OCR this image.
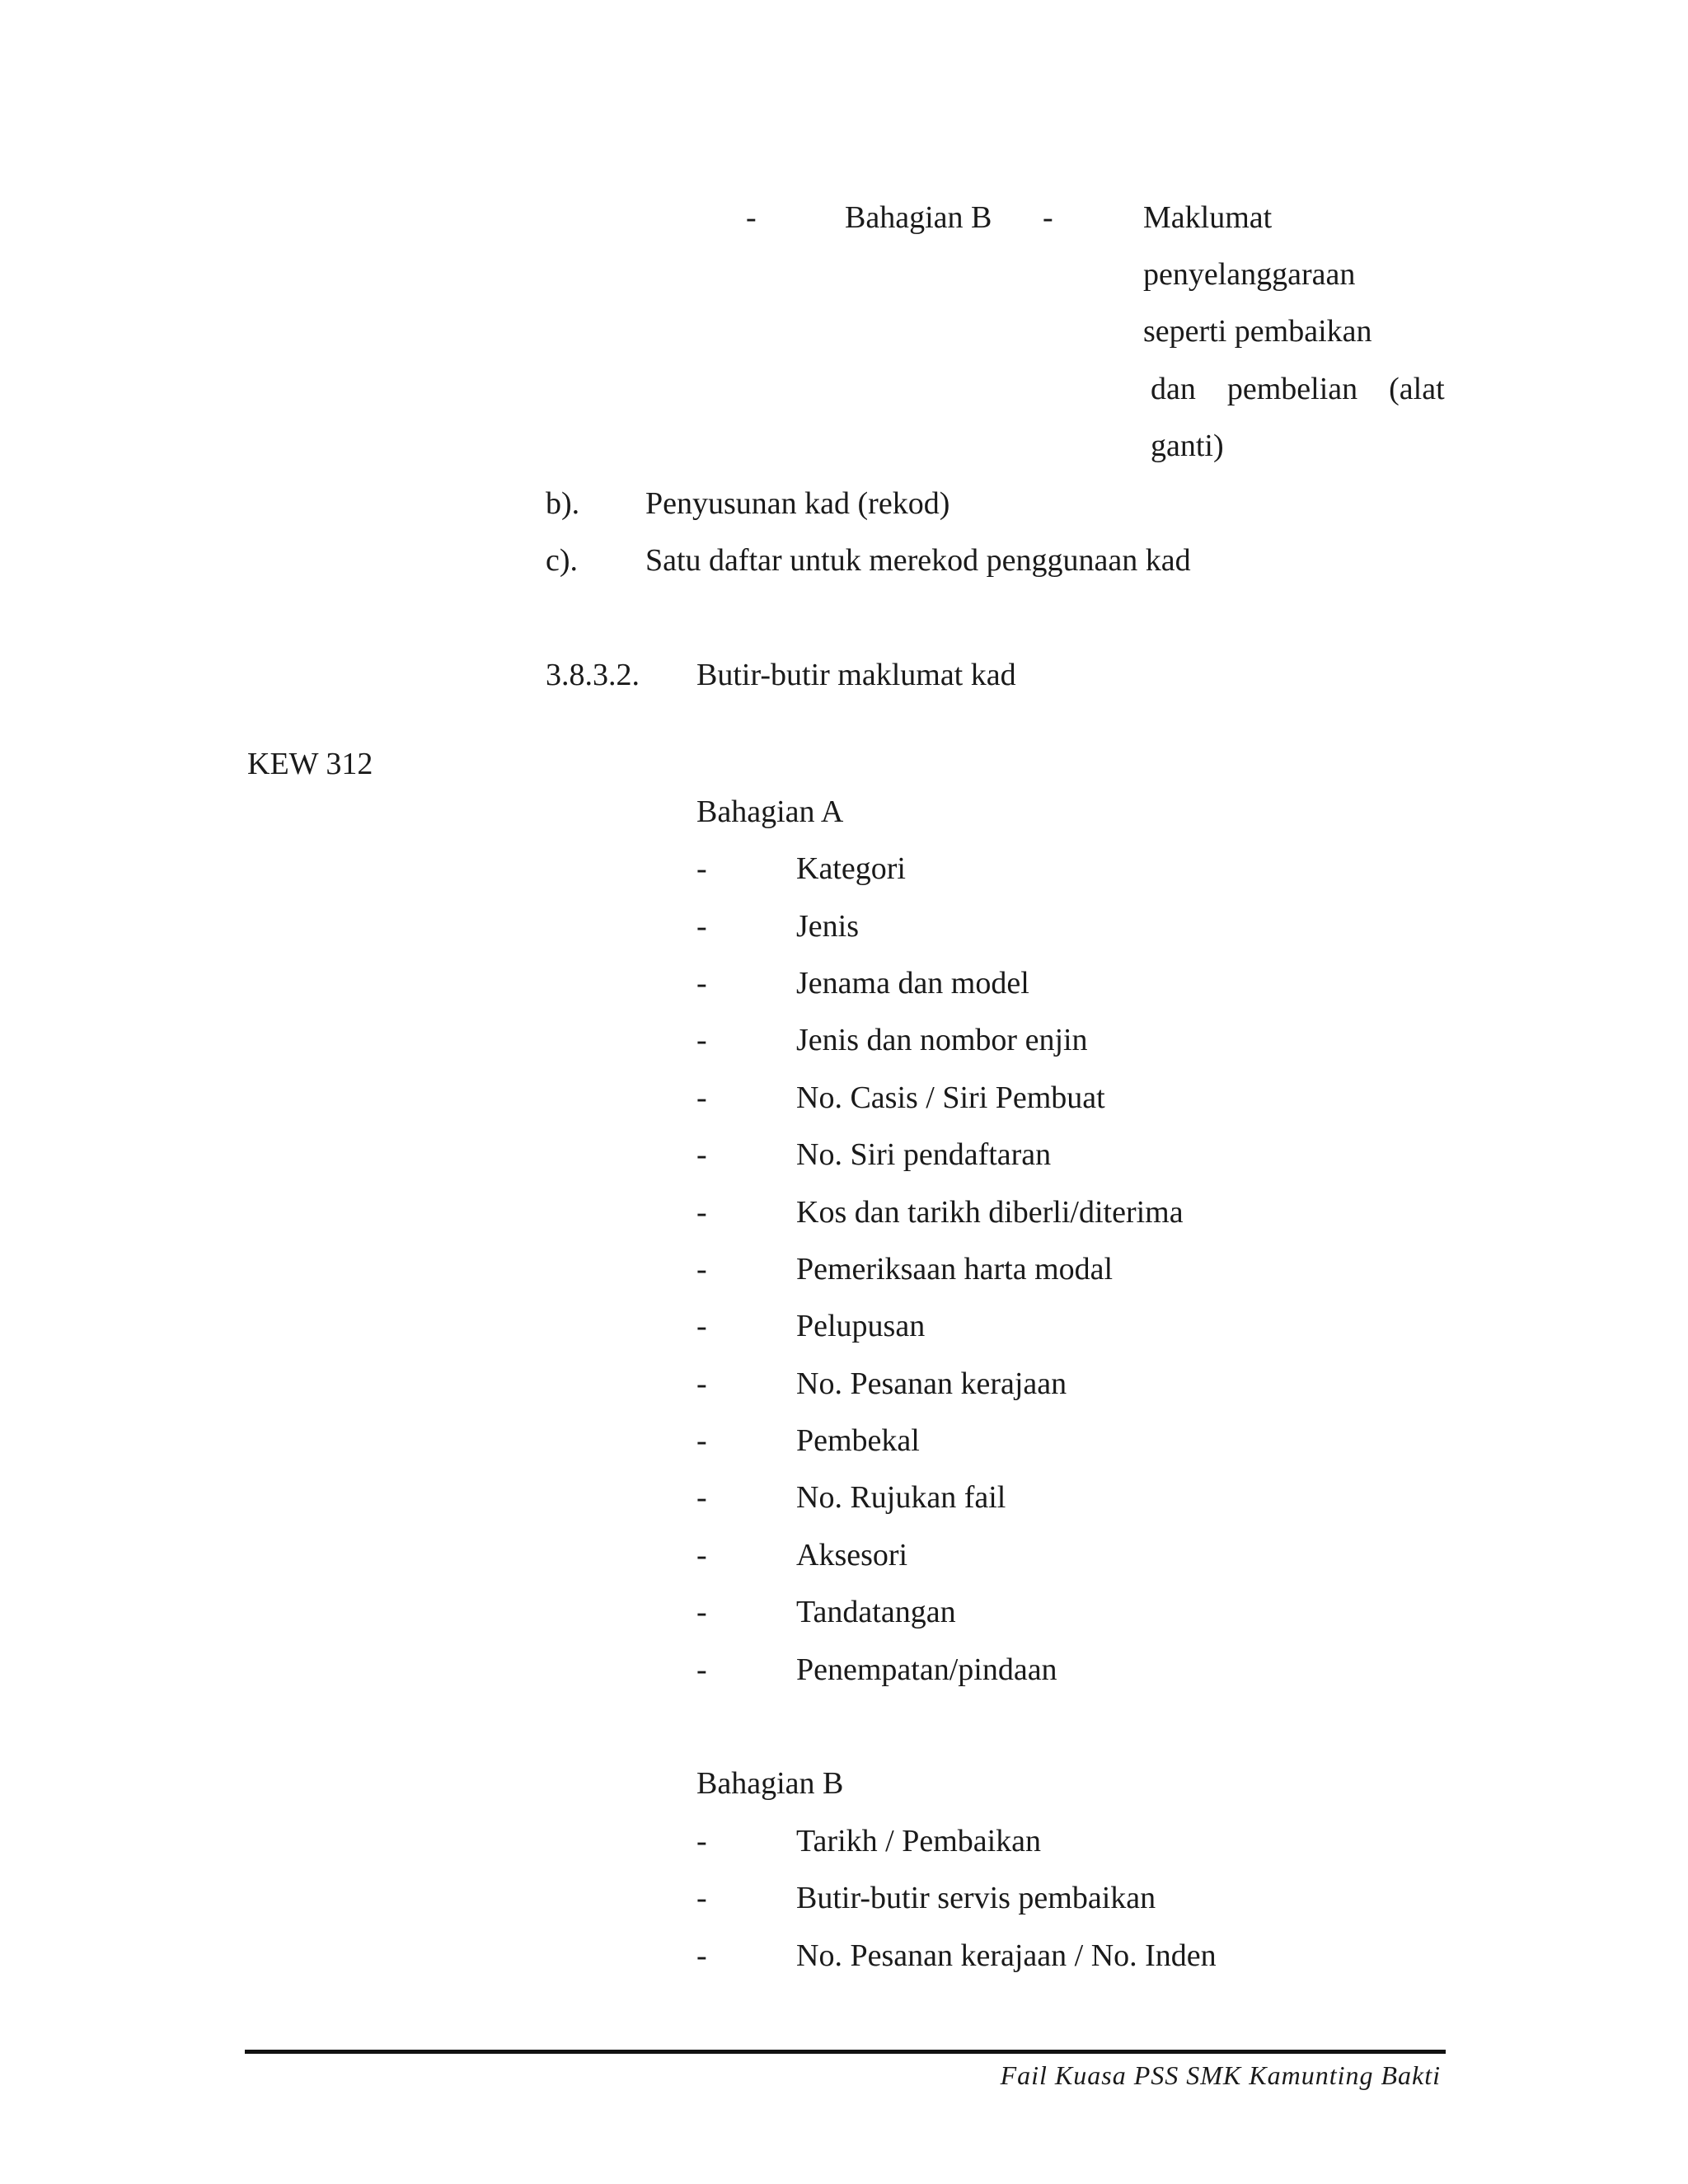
-	Bahagian B -	Maklumat
penyelanggaraan
seperti pembaikan
dan    pembelian    (alat
ganti)
b). Penyusunan kad (rekod)
c). Satu daftar untuk merekod penggunaan kad
3.8.3.2. Butir-butir maklumat kad
KEW 312
Bahagian A
-	Kategori
-	Jenis
-	Jenama dan model
-	Jenis dan nombor enjin
-	No. Casis / Siri Pembuat
-	No. Siri pendaftaran
-	Kos dan tarikh diberli/diterima
-	Pemeriksaan harta modal
-	Pelupusan
-	No. Pesanan kerajaan
-	Pembekal
-	No. Rujukan fail
-	Aksesori
-	Tandatangan
-	Penempatan/pindaan
Bahagian B
-	Tarikh / Pembaikan
-	Butir-butir servis pembaikan
-	No. Pesanan kerajaan / No. Inden
Fail Kuasa PSS SMK Kamunting Bakti
